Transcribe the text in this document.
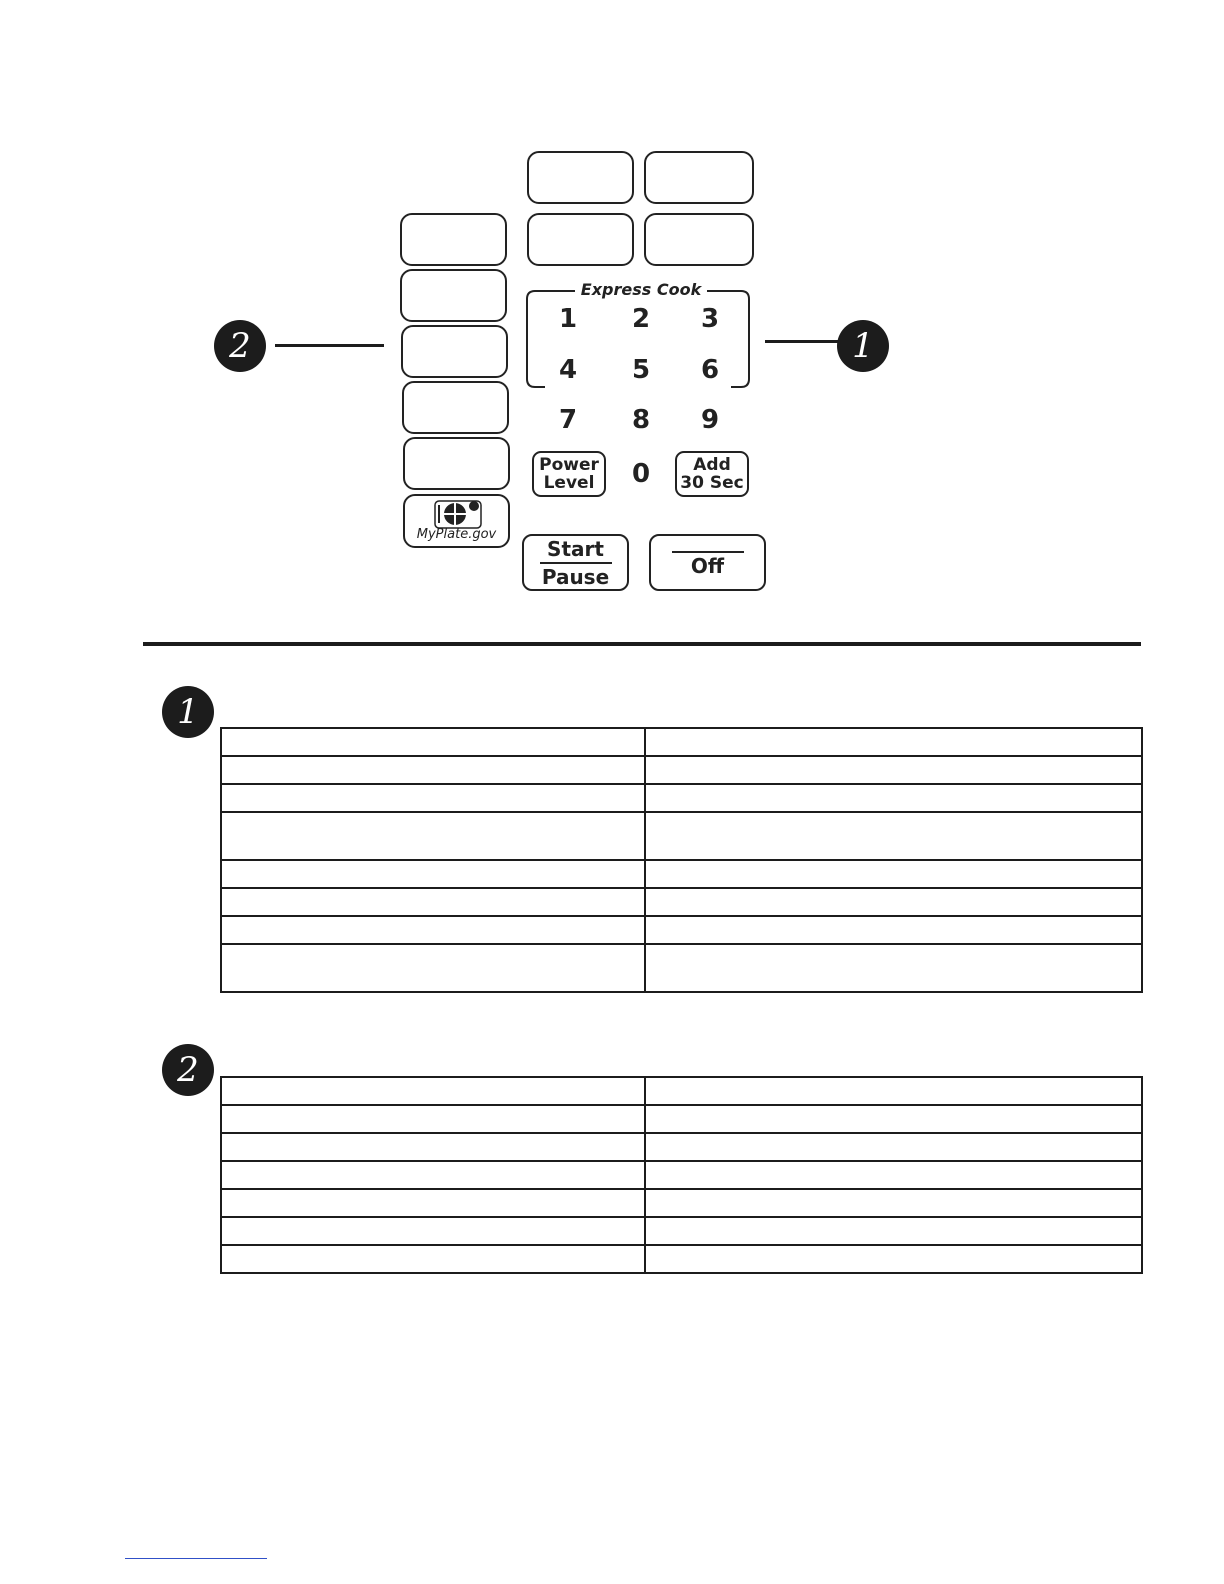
MyPlate.gov
Express Cook
1	2	3
4	5	6
7	8	9
0
Power
Level
Add
30 Sec
Start
Pause	Off
2	1
1

2
